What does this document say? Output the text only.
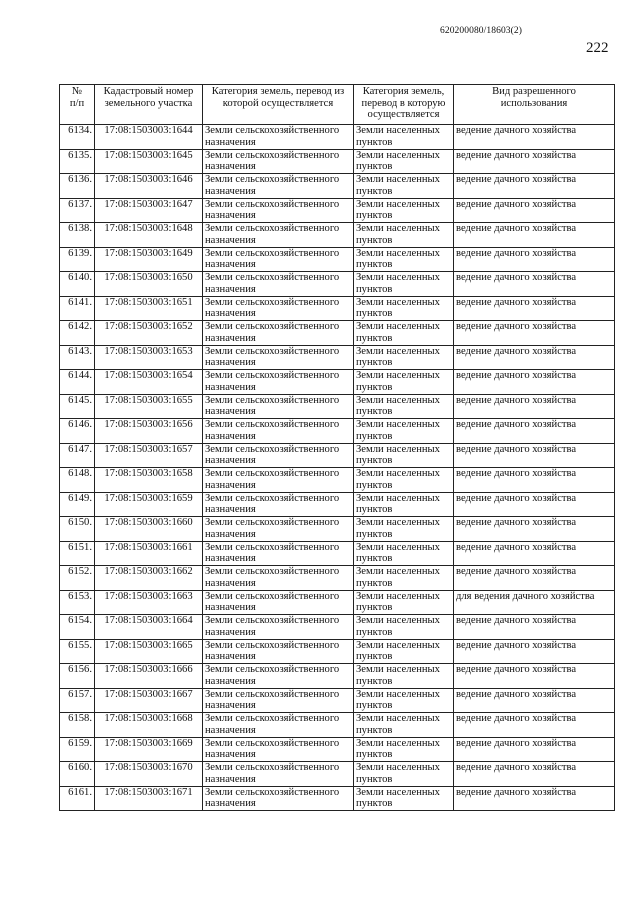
620200080/18603(2)
222
№
п/п	Кадастровый номер
земельного участка	Категория земель, перевод из
которой осуществляется	Категория земель,
перевод в которую
осуществляется	Вид разрешенного
использования

6134.	17:08:1503003:1644	Земли сельскохозяйственного
назначения	Земли населенных
пунктов	ведение дачного хозяйства
6135.	17:08:1503003:1645	Земли сельскохозяйственного
назначения	Земли населенных
пунктов	ведение дачного хозяйства
6136.	17:08:1503003:1646	Земли сельскохозяйственного
назначения	Земли населенных
пунктов	ведение дачного хозяйства
6137.	17:08:1503003:1647	Земли сельскохозяйственного
назначения	Земли населенных
пунктов	ведение дачного хозяйства
6138.	17:08:1503003:1648	Земли сельскохозяйственного
назначения	Земли населенных
пунктов	ведение дачного хозяйства
6139.	17:08:1503003:1649	Земли сельскохозяйственного
назначения	Земли населенных
пунктов	ведение дачного хозяйства
6140.	17:08:1503003:1650	Земли сельскохозяйственного
назначения	Земли населенных
пунктов	ведение дачного хозяйства
6141.	17:08:1503003:1651	Земли сельскохозяйственного
назначения	Земли населенных
пунктов	ведение дачного хозяйства
6142.	17:08:1503003:1652	Земли сельскохозяйственного
назначения	Земли населенных
пунктов	ведение дачного хозяйства
6143.	17:08:1503003:1653	Земли сельскохозяйственного
назначения	Земли населенных
пунктов	ведение дачного хозяйства
6144.	17:08:1503003:1654	Земли сельскохозяйственного
назначения	Земли населенных
пунктов	ведение дачного хозяйства
6145.	17:08:1503003:1655	Земли сельскохозяйственного
назначения	Земли населенных
пунктов	ведение дачного хозяйства
6146.	17:08:1503003:1656	Земли сельскохозяйственного
назначения	Земли населенных
пунктов	ведение дачного хозяйства
6147.	17:08:1503003:1657	Земли сельскохозяйственного
назначения	Земли населенных
пунктов	ведение дачного хозяйства
6148.	17:08:1503003:1658	Земли сельскохозяйственного
назначения	Земли населенных
пунктов	ведение дачного хозяйства
6149.	17:08:1503003:1659	Земли сельскохозяйственного
назначения	Земли населенных
пунктов	ведение дачного хозяйства
6150.	17:08:1503003:1660	Земли сельскохозяйственного
назначения	Земли населенных
пунктов	ведение дачного хозяйства
6151.	17:08:1503003:1661	Земли сельскохозяйственного
назначения	Земли населенных
пунктов	ведение дачного хозяйства
6152.	17:08:1503003:1662	Земли сельскохозяйственного
назначения	Земли населенных
пунктов	ведение дачного хозяйства
6153.	17:08:1503003:1663	Земли сельскохозяйственного
назначения	Земли населенных
пунктов	для ведения дачного хозяйства
6154.	17:08:1503003:1664	Земли сельскохозяйственного
назначения	Земли населенных
пунктов	ведение дачного хозяйства
6155.	17:08:1503003:1665	Земли сельскохозяйственного
назначения	Земли населенных
пунктов	ведение дачного хозяйства
6156.	17:08:1503003:1666	Земли сельскохозяйственного
назначения	Земли населенных
пунктов	ведение дачного хозяйства
6157.	17:08:1503003:1667	Земли сельскохозяйственного
назначения	Земли населенных
пунктов	ведение дачного хозяйства
6158.	17:08:1503003:1668	Земли сельскохозяйственного
назначения	Земли населенных
пунктов	ведение дачного хозяйства
6159.	17:08:1503003:1669	Земли сельскохозяйственного
назначения	Земли населенных
пунктов	ведение дачного хозяйства
6160.	17:08:1503003:1670	Земли сельскохозяйственного
назначения	Земли населенных
пунктов	ведение дачного хозяйства
6161.	17:08:1503003:1671	Земли сельскохозяйственного
назначения	Земли населенных
пунктов	ведение дачного хозяйства
